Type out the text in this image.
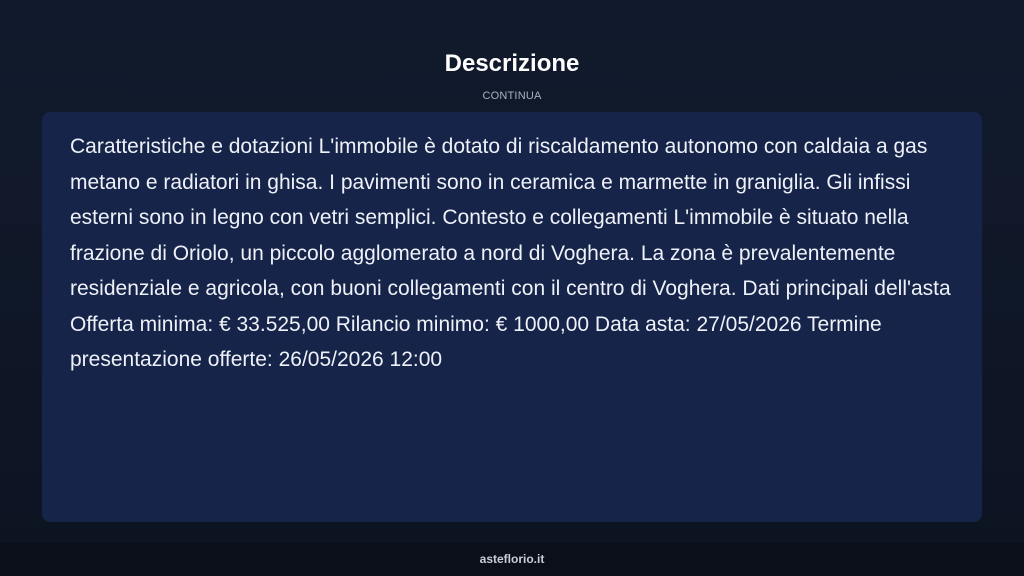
Descrizione
CONTINUA

Caratteristiche e dotazioni L'immobile è dotato di riscaldamento autonomo con caldaia a gas metano e radiatori in ghisa. I pavimenti sono in ceramica e marmette in graniglia. Gli infissi esterni sono in legno con vetri semplici. Contesto e collegamenti L'immobile è situato nella frazione di Oriolo, un piccolo agglomerato a nord di Voghera. La zona è prevalentemente residenziale e agricola, con buoni collegamenti con il centro di Voghera. Dati principali dell'asta Offerta minima: € 33.525,00 Rilancio minimo: € 1000,00 Data asta: 27/05/2026 Termine presentazione offerte: 26/05/2026 12:00

asteflorio.it
